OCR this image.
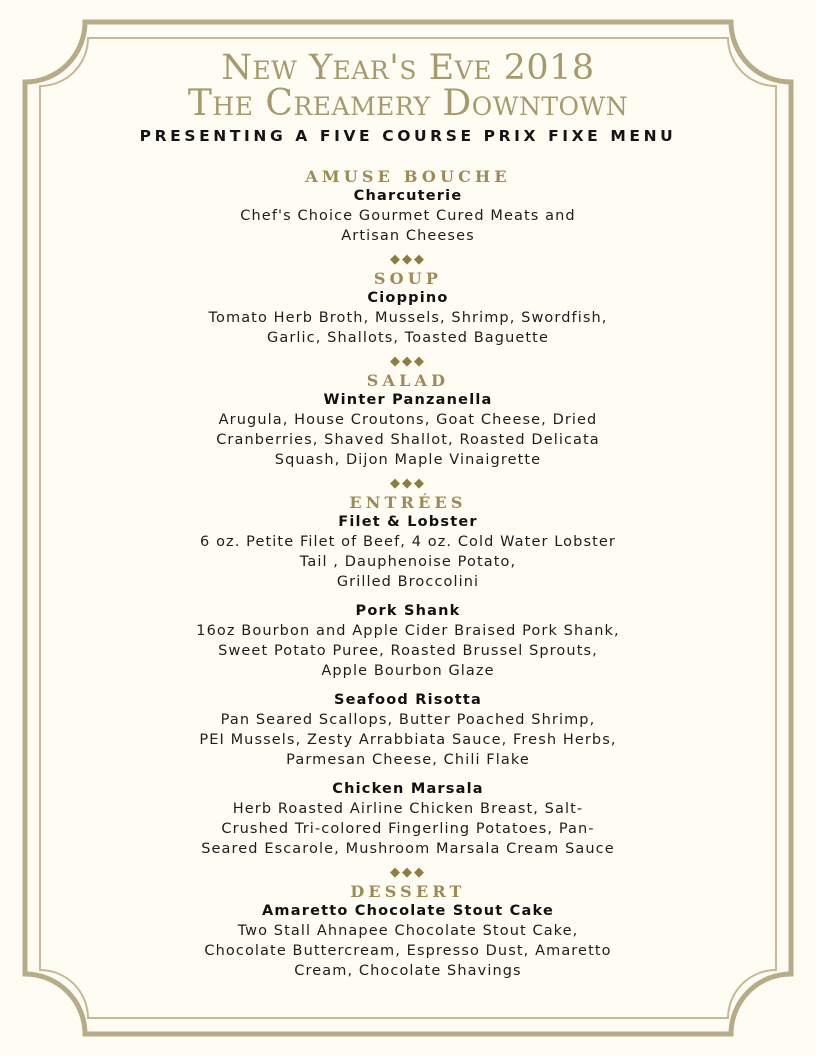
New Year's Eve 2018
The Creamery Downtown
PRESENTING A FIVE COURSE PRIX FIXE MENU
AMUSE BOUCHE
Charcuterie
Chef's Choice Gourmet Cured Meats and
Artisan Cheeses
◆◆◆
SOUP
Cioppino
Tomato Herb Broth, Mussels, Shrimp, Swordfish,
Garlic, Shallots, Toasted Baguette
◆◆◆
SALAD
Winter Panzanella
Arugula, House Croutons, Goat Cheese, Dried
Cranberries, Shaved Shallot, Roasted Delicata
Squash, Dijon Maple Vinaigrette
◆◆◆
ENTRÉES
Filet & Lobster
6 oz. Petite Filet of Beef, 4 oz. Cold Water Lobster
Tail , Dauphenoise Potato,
Grilled Broccolini
Pork Shank
16oz Bourbon and Apple Cider Braised Pork Shank,
Sweet Potato Puree, Roasted Brussel Sprouts,
Apple Bourbon Glaze
Seafood Risotta
Pan Seared Scallops, Butter Poached Shrimp,
PEI Mussels, Zesty Arrabbiata Sauce, Fresh Herbs,
Parmesan Cheese, Chili Flake
Chicken Marsala
Herb Roasted Airline Chicken Breast, Salt-
Crushed Tri-colored Fingerling Potatoes, Pan-
Seared Escarole, Mushroom Marsala Cream Sauce
◆◆◆
DESSERT
Amaretto Chocolate Stout Cake
Two Stall Ahnapee Chocolate Stout Cake,
Chocolate Buttercream, Espresso Dust, Amaretto
Cream, Chocolate Shavings
